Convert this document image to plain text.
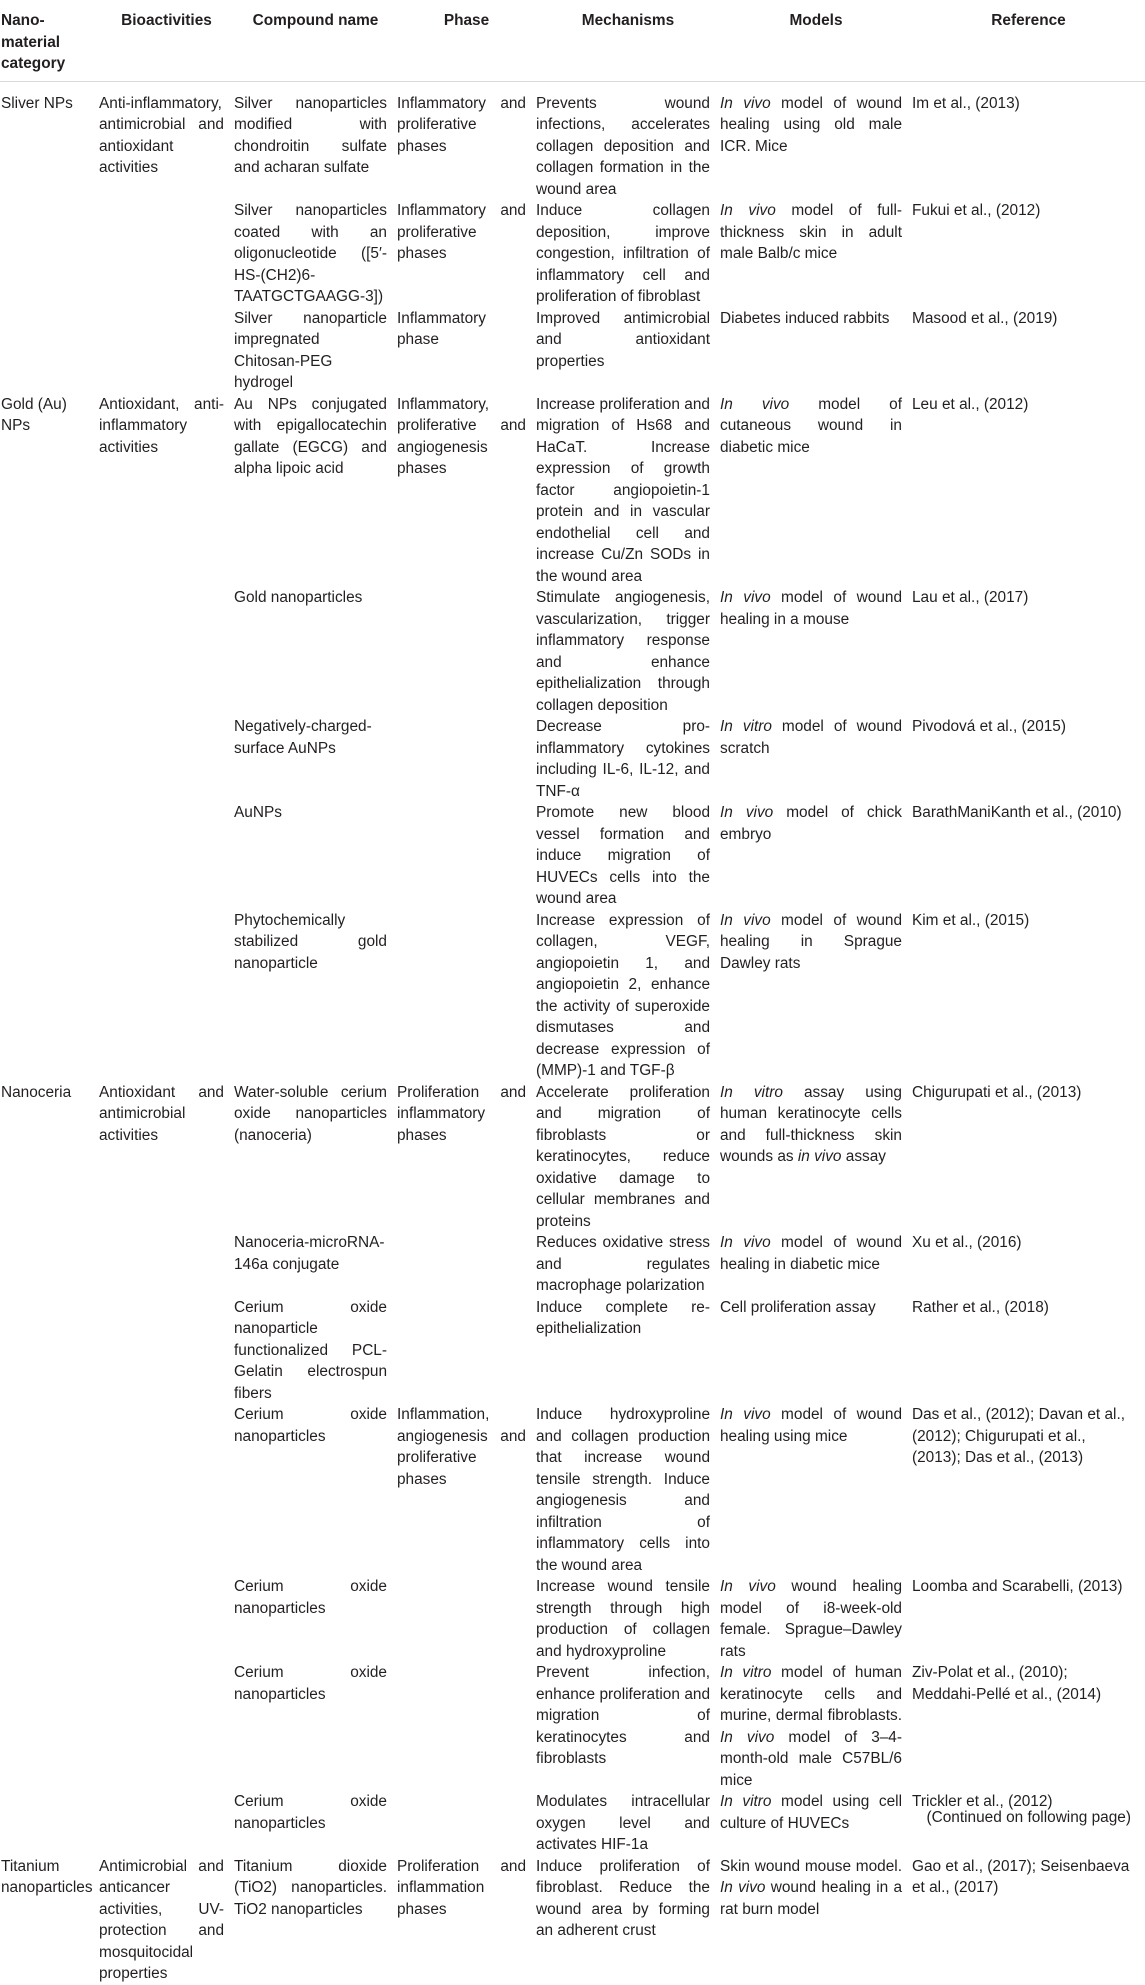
Nano-
material
category	Bioactivities	Compound name	Phase	Mechanisms	Models	Reference
Sliver NPs	Anti-inflammatory, antimicrobial and antioxidant activities	Silver nanoparticles modified with chondroitin sulfate and acharan sulfate	Inflammatory and proliferative phases	Prevents wound infections, accelerates collagen deposition and collagen formation in the wound area	In vivo model of wound healing using old male ICR. Mice	Im et al., (2013)
		Silver nanoparticles coated with an oligonucleotide ([5′-HS-(CH2)6-TAATGCTGAAGG-3])	Inflammatory and proliferative phases	Induce collagen deposition, improve congestion, infiltration of inflammatory cell and proliferation of fibroblast	In vivo model of full-thickness skin in adult male Balb/c mice	Fukui et al., (2012)
		Silver nanoparticle impregnated Chitosan-PEG hydrogel	Inflammatory phase	Improved antimicrobial and antioxidant properties	Diabetes induced rabbits	Masood et al., (2019)
Gold (Au) NPs	Antioxidant, anti-inflammatory activities	Au NPs conjugated with epigallocatechin gallate (EGCG) and alpha lipoic acid	Inflammatory, proliferative and angiogenesis phases	Increase proliferation and migration of Hs68 and HaCaT. Increase expression of growth factor angiopoietin-1 protein and in vascular endothelial cell and increase Cu/Zn SODs in the wound area	In vivo model of cutaneous wound in diabetic mice	Leu et al., (2012)
		Gold nanoparticles		Stimulate angiogenesis, vascularization, trigger inflammatory response and enhance epithelialization through collagen deposition	In vivo model of wound healing in a mouse	Lau et al., (2017)
		Negatively-charged-surface AuNPs		Decrease pro-inflammatory cytokines including IL-6, IL-12, and TNF-α	In vitro model of wound scratch	Pivodová et al., (2015)
		AuNPs		Promote new blood vessel formation and induce migration of HUVECs cells into the wound area	In vivo model of chick embryo	BarathManiKanth et al., (2010)
		Phytochemically stabilized gold nanoparticle		Increase expression of collagen, VEGF, angiopoietin 1, and angiopoietin 2, enhance the activity of superoxide dismutases and decrease expression of (MMP)-1 and TGF-β	In vivo model of wound healing in Sprague Dawley rats	Kim et al., (2015)
Nanoceria	Antioxidant and antimicrobial activities	Water-soluble cerium oxide nanoparticles (nanoceria)	Proliferation and inflammatory phases	Accelerate proliferation and migration of fibroblasts or keratinocytes, reduce oxidative damage to cellular membranes and proteins	In vitro assay using human keratinocyte cells and full-thickness skin wounds as in vivo assay	Chigurupati et al., (2013)
		Nanoceria-microRNA-146a conjugate		Reduces oxidative stress and regulates macrophage polarization	In vivo model of wound healing in diabetic mice	Xu et al., (2016)
		Cerium oxide nanoparticle functionalized PCL-Gelatin electrospun fibers		Induce complete re-epithelialization	Cell proliferation assay	Rather et al., (2018)
		Cerium oxide nanoparticles	Inflammation, angiogenesis and proliferative phases	Induce hydroxyproline and collagen production that increase wound tensile strength. Induce angiogenesis and infiltration of inflammatory cells into the wound area	In vivo model of wound healing using mice	Das et al., (2012); Davan et al., (2012); Chigurupati et al., (2013); Das et al., (2013)
		Cerium oxide nanoparticles		Increase wound tensile strength through high production of collagen and hydroxyproline	In vivo wound healing model of i8-week-old female. Sprague–Dawley rats	Loomba and Scarabelli, (2013)
		Cerium oxide nanoparticles		Prevent infection, enhance proliferation and migration of keratinocytes and fibroblasts	In vitro model of human keratinocyte cells and murine, dermal fibroblasts. In vivo model of 3–4-month-old male C57BL/6 mice	Ziv-Polat et al., (2010); Meddahi-Pellé et al., (2014)
		Cerium oxide nanoparticles		Modulates intracellular oxygen level and activates HIF-1a	In vitro model using cell culture of HUVECs	Trickler et al., (2012)
Titanium nanoparticles	Antimicrobial and anticancer activities, UV-protection and mosquitocidal properties	Titanium dioxide (TiO2) nanoparticles. TiO2 nanoparticles	Proliferation and inflammation phases	Induce proliferation of fibroblast. Reduce the wound area by forming an adherent crust	Skin wound mouse model. In vivo wound healing in a rat burn model	Gao et al., (2017); Seisenbaeva et al., (2017)
(Continued on following page)
